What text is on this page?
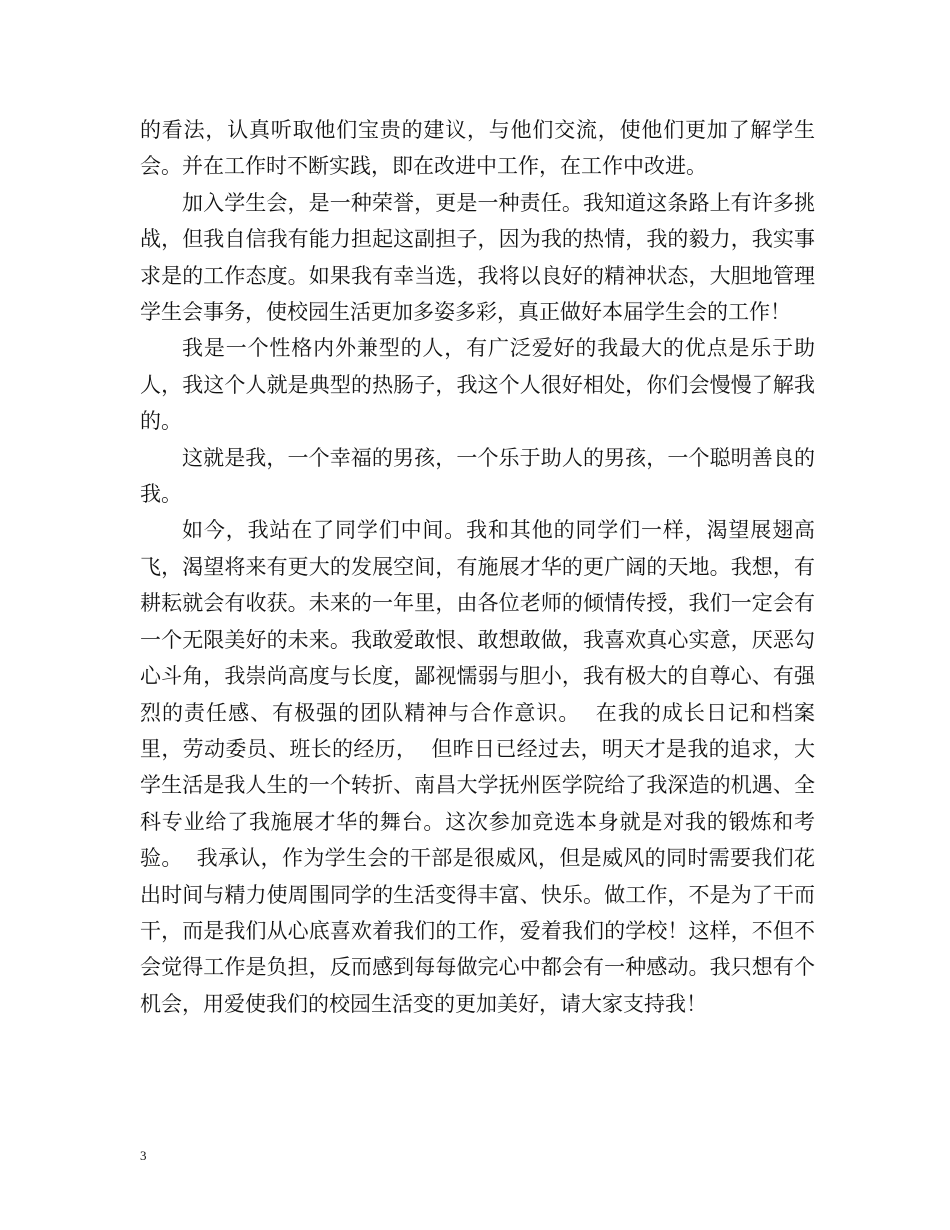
的看法，认真听取他们宝贵的建议，与他们交流，使他们更加了解学生会。并在工作时不断实践，即在改进中工作，在工作中改进。

加入学生会，是一种荣誉，更是一种责任。我知道这条路上有许多挑战，但我自信我有能力担起这副担子，因为我的热情，我的毅力，我实事求是的工作态度。如果我有幸当选，我将以良好的精神状态，大胆地管理学生会事务，使校园生活更加多姿多彩，真正做好本届学生会的工作！

我是一个性格内外兼型的人，有广泛爱好的我最大的优点是乐于助人，我这个人就是典型的热肠子，我这个人很好相处，你们会慢慢了解我的。

这就是我，一个幸福的男孩，一个乐于助人的男孩，一个聪明善良的我。

如今，我站在了同学们中间。我和其他的同学们一样，渴望展翅高飞，渴望将来有更大的发展空间，有施展才华的更广阔的天地。我想，有耕耘就会有收获。未来的一年里，由各位老师的倾情传授，我们一定会有一个无限美好的未来。我敢爱敢恨、敢想敢做，我喜欢真心实意，厌恶勾心斗角，我崇尚高度与长度，鄙视懦弱与胆小，我有极大的自尊心、有强烈的责任感、有极强的团队精神与合作意识。  在我的成长日记和档案里，劳动委员、班长的经历，  但昨日已经过去，明天才是我的追求，大学生活是我人生的一个转折、南昌大学抚州医学院给了我深造的机遇、全科专业给了我施展才华的舞台。这次参加竞选本身就是对我的锻炼和考验。  我承认，作为学生会的干部是很威风，但是威风的同时需要我们花出时间与精力使周围同学的生活变得丰富、快乐。做工作，不是为了干而干，而是我们从心底喜欢着我们的工作，爱着我们的学校！这样，不但不会觉得工作是负担，反而感到每每做完心中都会有一种感动。我只想有个机会，用爱使我们的校园生活变的更加美好，请大家支持我！

3
